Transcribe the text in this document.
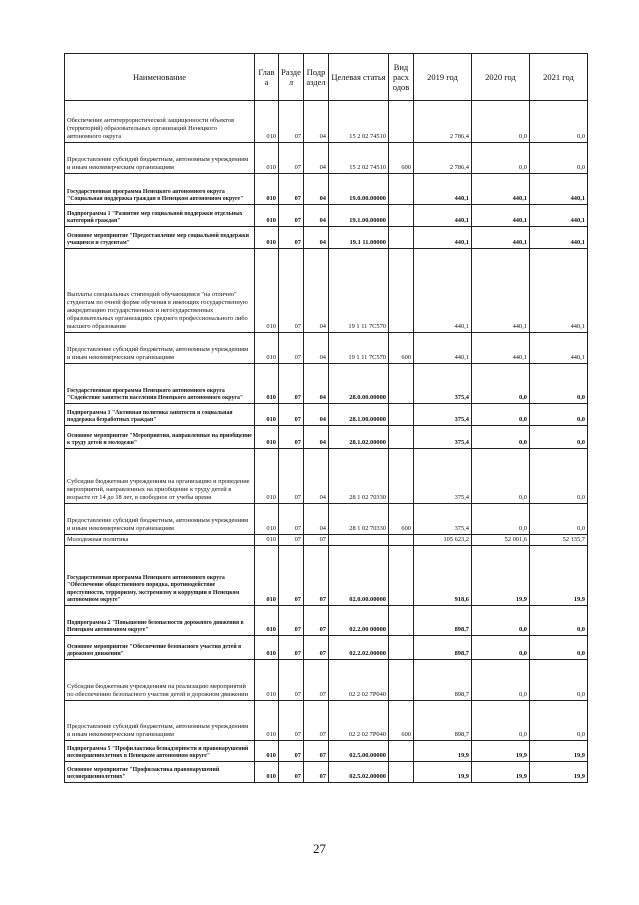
Наименование	Глав а	Разде л	Подр аздел	Целевая статья	Вид расх одов	2019 год	2020 год	2021 год
Обеспечение антитеррористической защищенности объектов (территорий) образовательных организаций Ненецкого автономного округа	010	07	04	15 2 02 74510		2 786,4	0,0	0,0
Предоставление субсидий бюджетным, автономным учреждениям и иным некоммерческим организациям	010	07	04	15 2 02 74510	600	2 786,4	0,0	0,0
Государственная программа Ненецкого автономного округа "Социальная поддержка граждан в Ненецком автономном округе"	010	07	04	19.0.00.00000		440,1	440,1	440,1
Подпрограмма 1 "Развитие мер социальной поддержки отдельных категорий граждан"	010	07	04	19.1.00.00000		440,1	440,1	440,1
Основное мероприятие "Предоставление мер социальной поддержки учащимся и студентам"	010	07	04	19.1 11.00000		440,1	440,1	440,1
Выплаты специальных стипендий обучающимся "на отлично" студентам по очной форме обучения в имеющих государственную аккредитацию государственных и негосударственных образовательных организациях среднего профессионального либо высшего образования	010	07	04	19 1 11 7С570		440,1	440,1	440,1
Предоставление субсидий бюджетным, автономным учреждениям и иным некоммерческим организациям	010	07	04	19 1 11 7С570	600	440,1	440,1	440,1
Государственная программа Ненецкого автономного округа "Содействие занятости населения Ненецкого автономного округа"	010	07	04	28.0.00.00000		375,4	0,0	0,0
Подпрограмма 1 "Активная политика занятости и социальная поддержка безработных граждан"	010	07	04	28.1.00.00000		375,4	0,0	0,0
Основное мероприятие "Мероприятия, направленные на приобщение к труду детей и молодежи"	010	07	04	28.1.02.00000		375,4	0,0	0,0
Субсидии бюджетным учреждениям на организацию и проведение мероприятий, направленных на приобщение к труду детей в возрасте от 14 до 18 лет, в свободное от учебы время	010	07	04	28 1 02 70330		375,4	0,0	0,0
Предоставление субсидий бюджетным, автономным учреждениям и иным некоммерческим организациям	010	07	04	28 1 02 70330	600	375,4	0,0	0,0
Молодежная политика	010	07	07			105 623,2	52 001,6	52 135,7
Государственная программа Ненецкого автономного округа "Обеспечение общественного порядка, противодействие преступности, терроризму, экстремизму и коррупции в Ненецком автономном округе"	010	07	07	02.0.00.00000		918,6	19,9	19,9
Подпрограмма 2 "Повышение безопасности дорожного движения в Ненецком автономном округе"	010	07	07	02.2.00 00000		898,7	0,0	0,0
Основное мероприятие "Обеспечение безопасного участия детей в дорожном движении"	010	07	07	02.2.02.00000		898,7	0,0	0,0
Субсидии бюджетным учреждениям на реализацию мероприятий по обеспечению безопасного участия детей в дорожном движении	010	07	07	02 2 02 7Р040		898,7	0,0	0,0
Предоставление субсидий бюджетным, автономным учреждениям и иным некоммерческим организациям	010	07	07	02 2 02 7Р040	600	898,7	0,0	0,0
Подпрограмма 5 "Профилактика безнадзорности и правонарушений несовершеннолетних в Ненецком автономном округе"	010	07	07	02.5.00.00000		19,9	19,9	19,9
Основное мероприятие "Профилактика правонарушений несовершеннолетних"	010	07	07	02.5.02.00000		19,9	19,9	19,9
27
